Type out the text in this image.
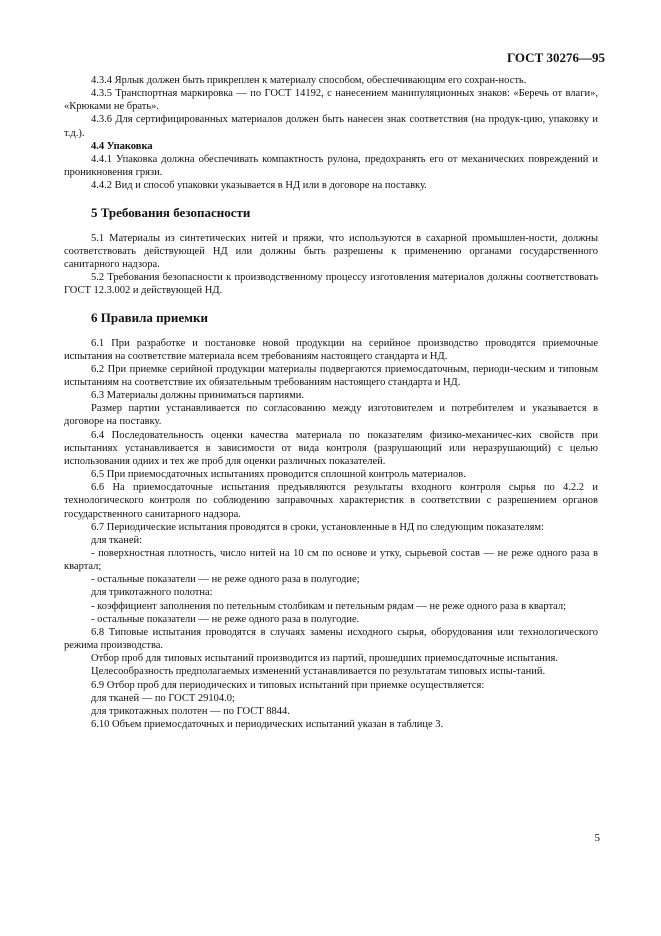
ГОСТ 30276—95

4.3.4 Ярлык должен быть прикреплен к материалу способом, обеспечивающим его сохран-ность.

4.3.5 Транспортная маркировка — по ГОСТ 14192, с нанесением манипуляционных знаков: «Беречь от влаги», «Крюками не брать».

4.3.6 Для сертифицированных материалов должен быть нанесен знак соответствия (на продук-цию, упаковку и т.д.).

4.4 Упаковка

4.4.1 Упаковка должна обеспечивать компактность рулона, предохранять его от механических повреждений и проникновения грязи.

4.4.2 Вид и способ упаковки указывается в НД или в договоре на поставку.

5 Требования безопасности

5.1 Материалы из синтетических нитей и пряжи, что используются в сахарной промышлен-ности, должны соответствовать действующей НД или должны быть разрешены к применению органами государственного санитарного надзора.

5.2 Требования безопасности к производственному процессу изготовления материалов должны соответствовать ГОСТ 12.3.002 и действующей НД.

6 Правила приемки

6.1 При разработке и постановке новой продукции на серийное производство проводятся приемочные испытания на соответствие материала всем требованиям настоящего стандарта и НД.

6.2 При приемке серийной продукции материалы подвергаются приемосдаточным, периоди-ческим и типовым испытаниям на соответствие их обязательным требованиям настоящего стандарта и НД.

6.3 Материалы должны приниматься партиями.

Размер партии устанавливается по согласованию между изготовителем и потребителем и указывается в договоре на поставку.

6.4 Последовательность оценки качества материала по показателям физико-механичес-ких свойств при испытаниях устанавливается в зависимости от вида контроля (разрушающий или неразрушающий) с целью использования одних и тех же проб для оценки различных показателей.

6.5 При приемосдаточных испытаниях проводится сплошной контроль материалов.

6.6 На приемосдаточные испытания предъявляются результаты входного контроля сырья по 4.2.2 и технологического контроля по соблюдению заправочных характеристик в соответствии с разрешением органов государственного санитарного надзора.

6.7 Периодические испытания проводятся в сроки, установленные в НД по следующим показателям:

для тканей:

- поверхностная плотность, число нитей на 10 см по основе и утку, сырьевой состав — не реже одного раза в квартал;

- остальные показатели — не реже одного раза в полугодие;

для трикотажного полотна:

- коэффициент заполнения по петельным столбикам и петельным рядам — не реже одного раза в квартал;

- остальные показатели — не реже одного раза в полугодие.

6.8 Типовые испытания проводятся в случаях замены исходного сырья, оборудования или технологического режима производства.

Отбор проб для типовых испытаний производится из партий, прошедших приемосдаточные испытания.

Целесообразность предполагаемых изменений устанавливается по результатам типовых испы-таний.

6.9 Отбор проб для периодических и типовых испытаний при приемке осуществляется:

для тканей — по ГОСТ 29104.0;

для трикотажных полотен — по ГОСТ 8844.

6.10 Объем приемосдаточных и периодических испытаний указан в таблице 3.

5
